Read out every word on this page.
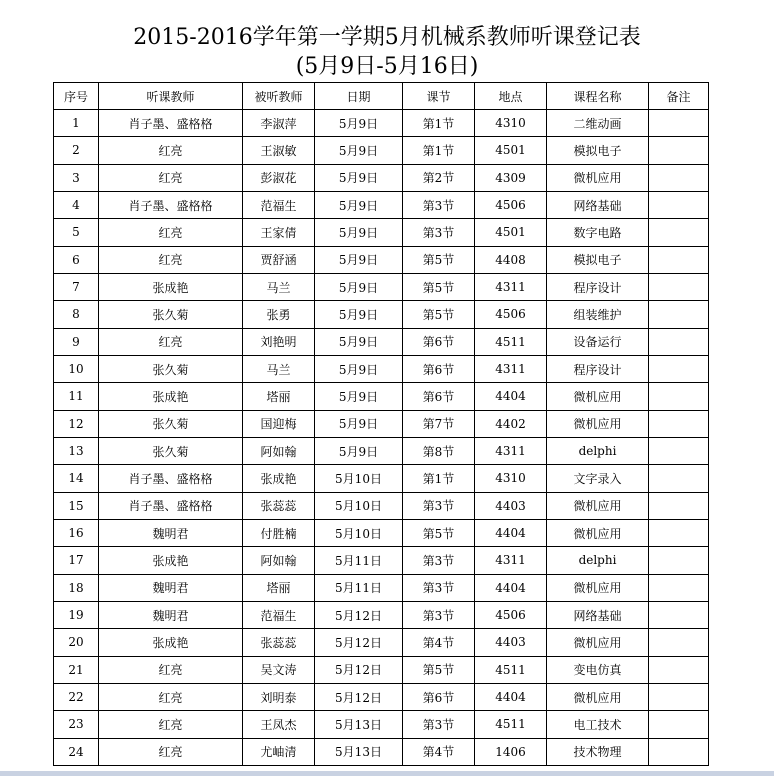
2015-2016学年第一学期5月机械系教师听课登记表
(5月9日-5月16日)
序号	听课教师	被听教师	日期	课节	地点	课程名称	备注
1	肖子墨、盛格格	李淑萍	5月9日	第1节	4310	二维动画	
2	红亮	王淑敏	5月9日	第1节	4501	模拟电子	
3	红亮	彭淑花	5月9日	第2节	4309	微机应用	
4	肖子墨、盛格格	范福生	5月9日	第3节	4506	网络基础	
5	红亮	王家倩	5月9日	第3节	4501	数字电路	
6	红亮	贾舒涵	5月9日	第5节	4408	模拟电子	
7	张成艳	马兰	5月9日	第5节	4311	程序设计	
8	张久菊	张勇	5月9日	第5节	4506	组装维护	
9	红亮	刘艳明	5月9日	第6节	4511	设备运行	
10	张久菊	马兰	5月9日	第6节	4311	程序设计	
11	张成艳	塔丽	5月9日	第6节	4404	微机应用	
12	张久菊	国迎梅	5月9日	第7节	4402	微机应用	
13	张久菊	阿如翰	5月9日	第8节	4311	delphi	
14	肖子墨、盛格格	张成艳	5月10日	第1节	4310	文字录入	
15	肖子墨、盛格格	张蕊蕊	5月10日	第3节	4403	微机应用	
16	魏明君	付胜楠	5月10日	第5节	4404	微机应用	
17	张成艳	阿如翰	5月11日	第3节	4311	delphi	
18	魏明君	塔丽	5月11日	第3节	4404	微机应用	
19	魏明君	范福生	5月12日	第3节	4506	网络基础	
20	张成艳	张蕊蕊	5月12日	第4节	4403	微机应用	
21	红亮	吴文涛	5月12日	第5节	4511	变电仿真	
22	红亮	刘明泰	5月12日	第6节	4404	微机应用	
23	红亮	王凤杰	5月13日	第3节	4511	电工技术	
24	红亮	尤岫清	5月13日	第4节	1406	技术物理	
